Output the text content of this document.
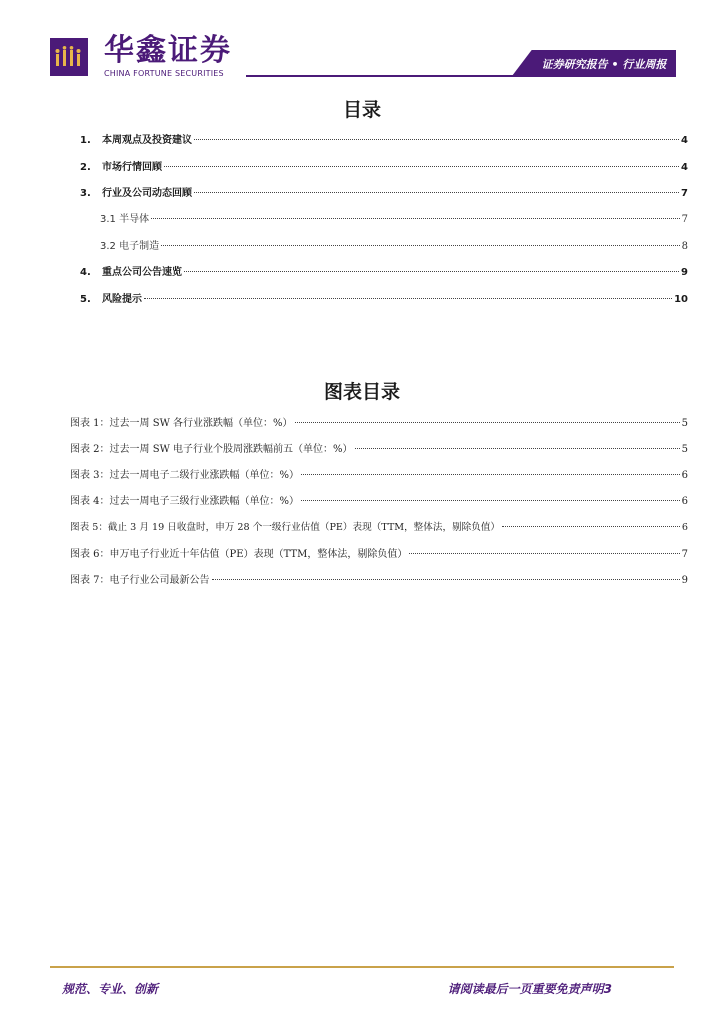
华鑫证券
CHINA FORTUNE SECURITIES
证券研究报告 • 行业周报
目录
1. 本周观点及投资建议	4
2. 市场行情回顾	4
3. 行业及公司动态回顾	7
3.1 半导体	7
3.2 电子制造	8
4. 重点公司公告速览	9
5. 风险提示	10
图表目录
图表 1：过去一周 SW 各行业涨跌幅（单位：%）	5
图表 2：过去一周 SW 电子行业个股周涨跌幅前五（单位：%）	5
图表 3：过去一周电子二级行业涨跌幅（单位：%）	6
图表 4：过去一周电子三级行业涨跌幅（单位：%）	6
图表 5：截止 3 月 19 日收盘时，申万 28 个一级行业估值（PE）表现（TTM，整体法，剔除负值）	6
图表 6：申万电子行业近十年估值（PE）表现（TTM，整体法，剔除负值）	7
图表 7：电子行业公司最新公告	9
规范、专业、创新	请阅读最后一页重要免责声明3
